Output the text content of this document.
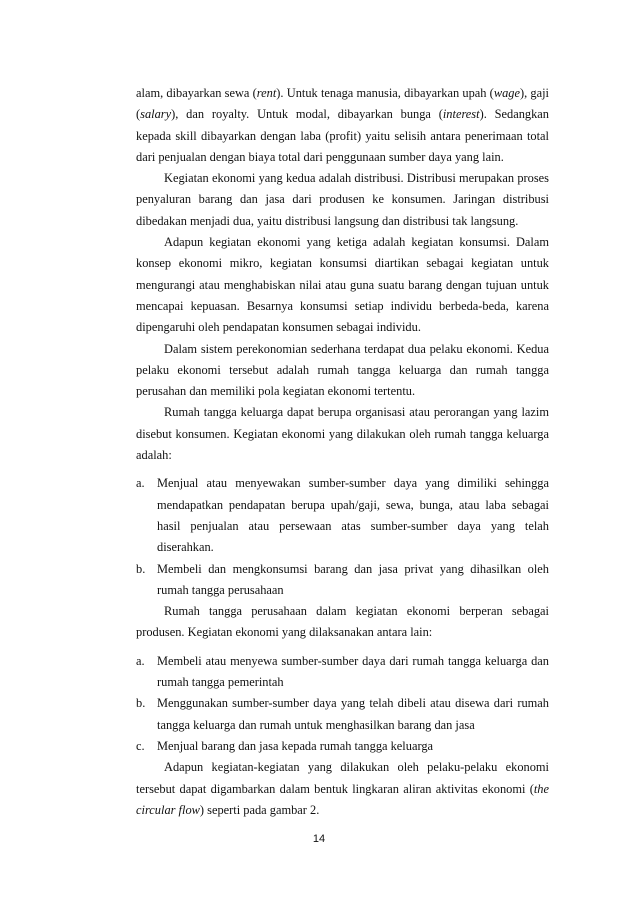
alam, dibayarkan sewa (rent). Untuk tenaga manusia, dibayarkan upah (wage), gaji (salary), dan royalty. Untuk modal, dibayarkan bunga (interest). Sedangkan kepada skill dibayarkan dengan laba (profit) yaitu selisih antara penerimaan total dari penjualan dengan biaya total dari penggunaan sumber daya yang lain.

Kegiatan ekonomi yang kedua adalah distribusi. Distribusi merupakan proses penyaluran barang dan jasa dari produsen ke konsumen. Jaringan distribusi dibedakan menjadi dua, yaitu distribusi langsung dan distribusi tak langsung.

Adapun kegiatan ekonomi yang ketiga adalah kegiatan konsumsi. Dalam konsep ekonomi mikro, kegiatan konsumsi diartikan sebagai kegiatan untuk mengurangi atau menghabiskan nilai atau guna suatu barang dengan tujuan untuk mencapai kepuasan. Besarnya konsumsi setiap individu berbeda-beda, karena dipengaruhi oleh pendapatan konsumen sebagai individu.

Dalam sistem perekonomian sederhana terdapat dua pelaku ekonomi. Kedua pelaku ekonomi tersebut adalah rumah tangga keluarga dan rumah tangga perusahan dan memiliki pola kegiatan ekonomi tertentu.

Rumah tangga keluarga dapat berupa organisasi atau perorangan yang lazim disebut konsumen. Kegiatan ekonomi yang dilakukan oleh rumah tangga keluarga adalah:

a. Menjual atau menyewakan sumber-sumber daya yang dimiliki sehingga mendapatkan pendapatan berupa upah/gaji, sewa, bunga, atau laba sebagai hasil penjualan atau persewaan atas sumber-sumber daya yang telah diserahkan.
b. Membeli dan mengkonsumsi barang dan jasa privat yang dihasilkan oleh rumah tangga perusahaan

Rumah tangga perusahaan dalam kegiatan ekonomi berperan sebagai produsen. Kegiatan ekonomi yang dilaksanakan antara lain:

a. Membeli atau menyewa sumber-sumber daya dari rumah tangga keluarga dan rumah tangga pemerintah
b. Menggunakan sumber-sumber daya yang telah dibeli atau disewa dari rumah tangga keluarga dan rumah untuk menghasilkan barang dan jasa
c. Menjual barang dan jasa kepada rumah tangga keluarga

Adapun kegiatan-kegiatan yang dilakukan oleh pelaku-pelaku ekonomi tersebut dapat digambarkan dalam bentuk lingkaran aliran aktivitas ekonomi (the circular flow) seperti pada gambar 2.

14
